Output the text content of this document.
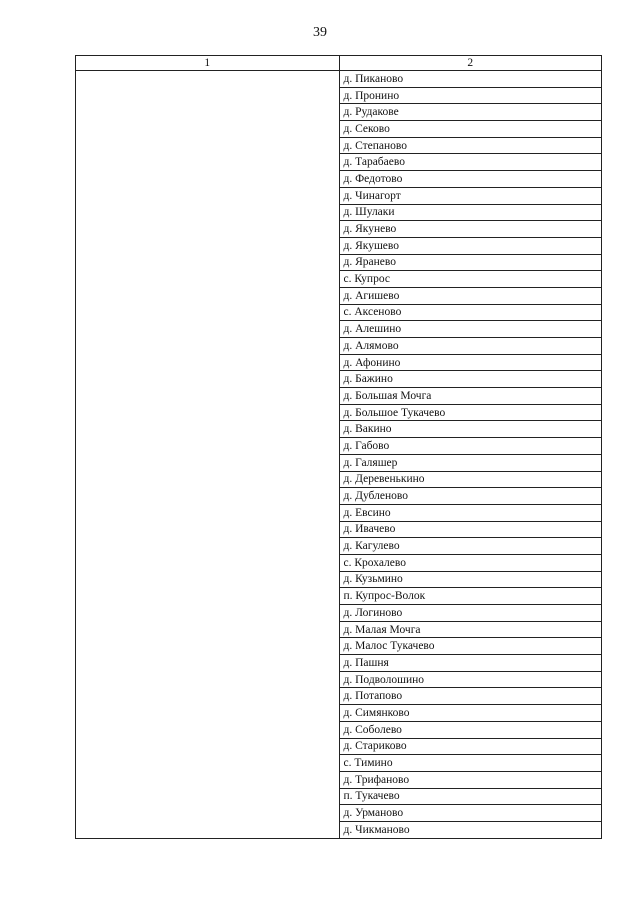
39
1	2
	д. Пиканово
	д. Пронино
	д. Рудакове
	д. Секово
	д. Степаново
	д. Тарабаево
	д. Федотово
	д. Чинагорт
	д. Шулаки
	д. Якунево
	д. Якушево
	д. Яранево
	с. Купрос
	д. Агишево
	с. Аксеново
	д. Алешино
	д. Алямово
	д. Афонино
	д. Бажино
	д. Большая Мочга
	д. Большое Тукачево
	д. Вакино
	д. Габово
	д. Галяшер
	д. Деревенькино
	д. Дубленово
	д. Евсино
	д. Ивачево
	д. Кагулево
	с. Крохалево
	д. Кузьмино
	п. Купрос-Волок
	д. Логиново
	д. Малая Мочга
	д. Малос Тукачево
	д. Пашня
	д. Подволошино
	д. Потапово
	д. Симянково
	д. Соболево
	д. Стариково
	с. Тимино
	д. Трифаново
	п. Тукачево
	д. Урманово
	д. Чикманово
